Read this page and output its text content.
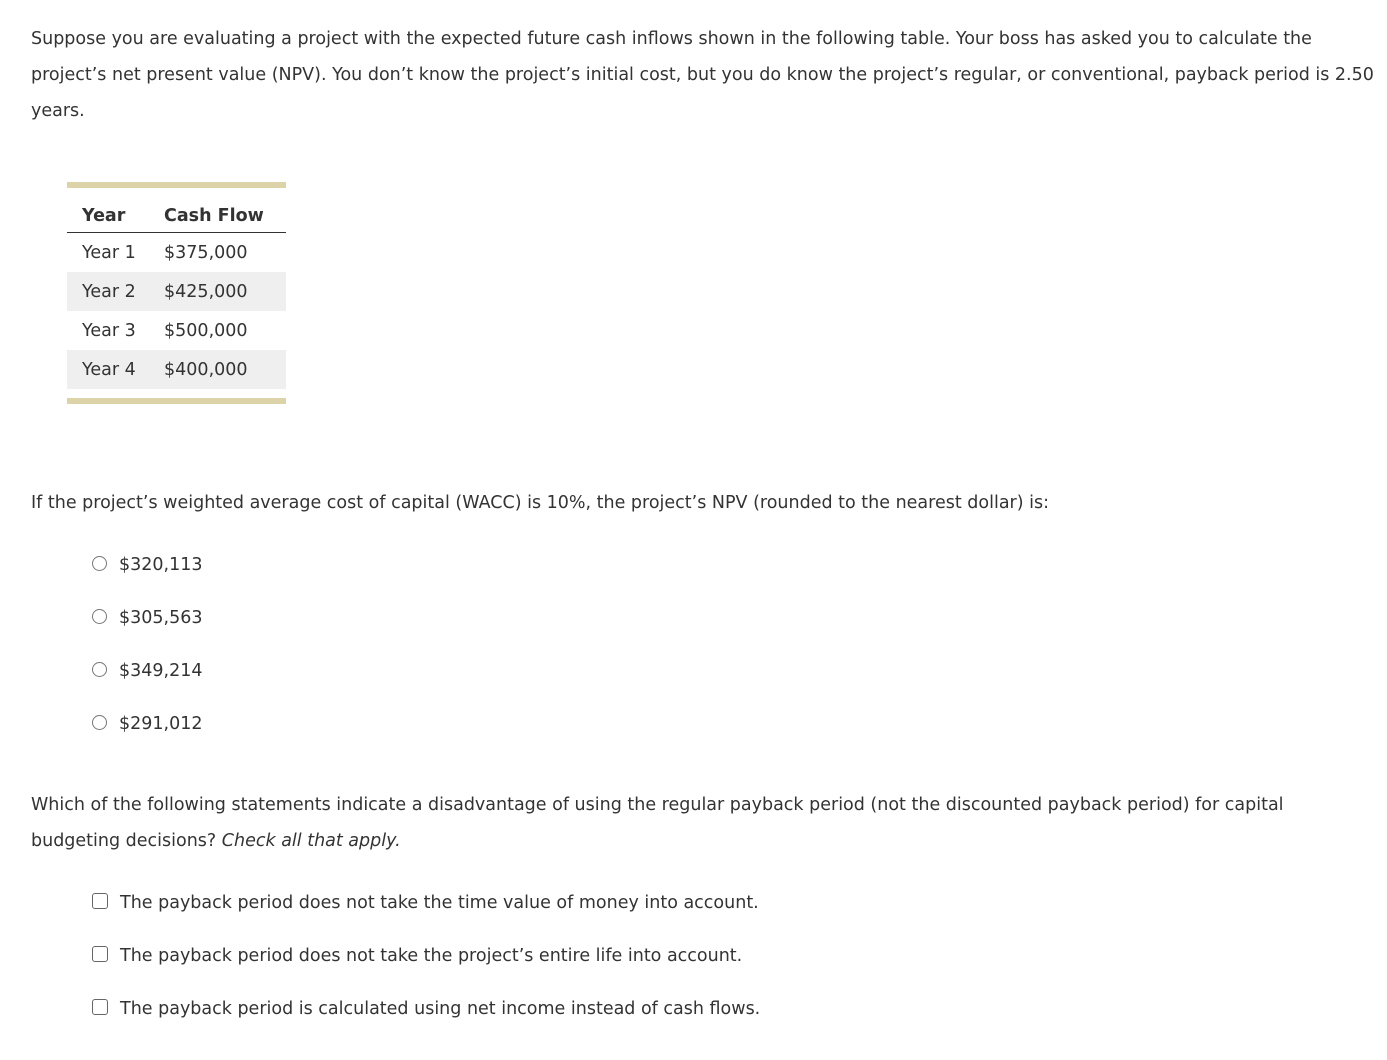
Suppose you are evaluating a project with the expected future cash inflows shown in the following table. Your boss has asked you to calculate the project’s net present value (NPV). You don’t know the project’s initial cost, but you do know the project’s regular, or conventional, payback period is 2.50 years.

Year	Cash Flow
Year 1	$375,000
Year 2	$425,000
Year 3	$500,000
Year 4	$400,000

If the project’s weighted average cost of capital (WACC) is 10%, the project’s NPV (rounded to the nearest dollar) is:

$320,113
$305,563
$349,214
$291,012

Which of the following statements indicate a disadvantage of using the regular payback period (not the discounted payback period) for capital budgeting decisions? Check all that apply.

The payback period does not take the time value of money into account.
The payback period does not take the project’s entire life into account.
The payback period is calculated using net income instead of cash flows.
